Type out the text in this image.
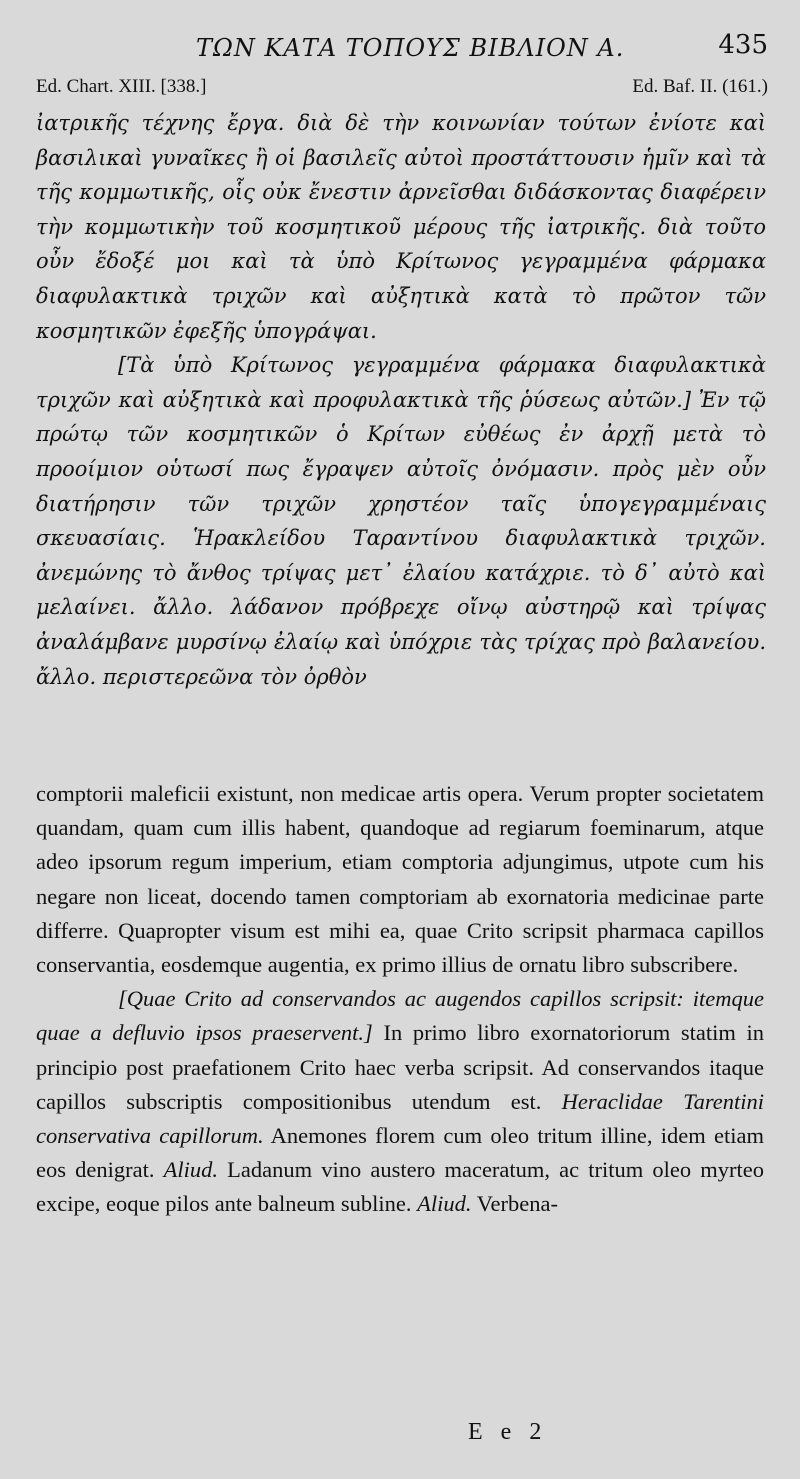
ΤΩΝ ΚΑΤΑ ΤΟΠΟΥΣ ΒΙΒΛΙΟΝ Α.	435
Ed. Chart. XIII. [338.]	Ed. Baf. II. (161.)

ἰατρικῆς τέχνης ἔργα. διὰ δὲ τὴν κοινωνίαν τούτων ἐνίοτε καὶ βασιλικαὶ γυναῖκες ἢ οἱ βασιλεῖς αὐτοὶ προστάττουσιν ἡμῖν καὶ τὰ τῆς κομμωτικῆς, οἷς οὐκ ἔνεστιν ἀρνεῖσθαι διδάσκοντας διαφέρειν τὴν κομμωτικὴν τοῦ κοσμητικοῦ μέρους τῆς ἰατρικῆς. διὰ τοῦτο οὖν ἔδοξέ μοι καὶ τὰ ὑπὸ Κρίτωνος γεγραμμένα φάρμακα διαφυλακτικὰ τριχῶν καὶ αὐξητικὰ κατὰ τὸ πρῶτον τῶν κοσμητικῶν ἐφεξῆς ὑπογράψαι.

[Τὰ ὑπὸ Κρίτωνος γεγραμμένα φάρμακα διαφυλακτικὰ τριχῶν καὶ αὐξητικὰ καὶ προφυλακτικὰ τῆς ῥύσεως αὐτῶν.] Ἐν τῷ πρώτῳ τῶν κοσμητικῶν ὁ Κρίτων εὐθέως ἐν ἀρχῇ μετὰ τὸ προοίμιον οὑτωσί πως ἔγραψεν αὐτοῖς ὀνόμασιν. πρὸς μὲν οὖν διατήρησιν τῶν τριχῶν χρηστέον ταῖς ὑπογεγραμμέναις σκευασίαις. Ἡρακλείδου Ταραντίνου διαφυλακτικὰ τριχῶν. ἀνεμώνης τὸ ἄνθος τρίψας μετ᾽ ἐλαίου κατάχριε. τὸ δ᾽ αὐτὸ καὶ μελαίνει. ἄλλο. λάδανον πρόβρεχε οἴνῳ αὐστηρῷ καὶ τρίψας ἀναλάμβανε μυρσίνῳ ἐλαίῳ καὶ ὑπόχριε τὰς τρίχας πρὸ βαλανείου. ἄλλο. περιστερεῶνα τὸν ὀρθὸν

comptorii maleficii existunt, non medicae artis opera. Verum propter societatem quandam, quam cum illis habent, quandoque ad regiarum foeminarum, atque adeo ipsorum regum imperium, etiam comptoria adjungimus, utpote cum his negare non liceat, docendo tamen comptoriam ab exornatoria medicinae parte differre. Quapropter visum est mihi ea, quae Crito scripsit pharmaca capillos conservantia, eosdemque augentia, ex primo illius de ornatu libro subscribere.

[Quae Crito ad conservandos ac augendos capillos scripsit: itemque quae a defluvio ipsos praeservent.] In primo libro exornatoriorum statim in principio post praefationem Crito haec verba scripsit. Ad conservandos itaque capillos subscriptis compositionibus utendum est. Heraclidae Tarentini conservativa capillorum. Anemones florem cum oleo tritum illine, idem etiam eos denigrat. Aliud. Ladanum vino austero maceratum, ac tritum oleo myrteo excipe, eoque pilos ante balneum subline. Aliud. Verbena-

E e 2
